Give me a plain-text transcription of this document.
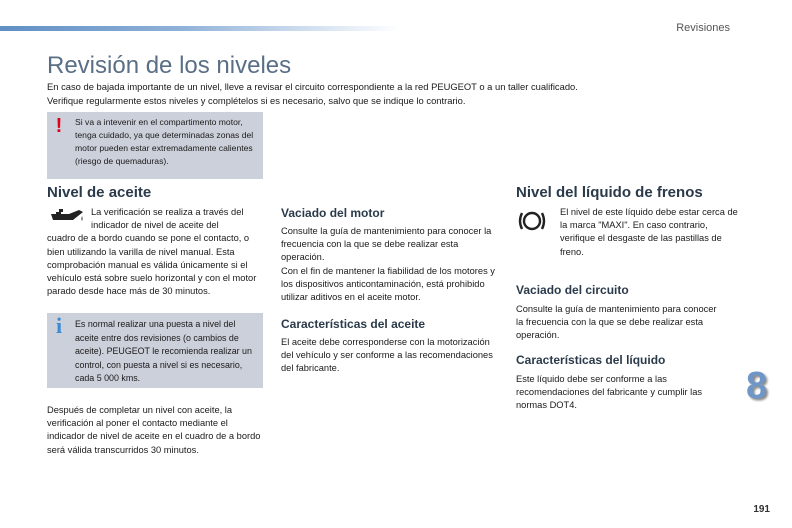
Revisiones
Revisión de los niveles

En caso de bajada importante de un nivel, lleve a revisar el circuito correspondiente a la red PEUGEOT o a un taller cualificado.

Verifique regularmente estos niveles y complételos si es necesario, salvo que se indique lo contrario.

!	Si va a intevenir en el compartimento motor, tenga cuidado, ya que determinadas zonas del motor pueden estar extremadamente calientes (riesgo de quemaduras).

Nivel de aceite

La verificación se realiza a través del indicador de nivel de aceite del
cuadro de a bordo cuando se pone el contacto, o bien utilizando la varilla de nivel manual. Esta comprobación manual es válida únicamente si el vehículo está sobre suelo horizontal y con el motor parado desde hace más de 30 minutos.

i	Es normal realizar una puesta a nivel del aceite entre dos revisiones (o cambios de aceite). PEUGEOT le recomienda realizar un control, con puesta a nivel si es necesario, cada 5 000 kms.

Después de completar un nivel con aceite, la verificación al poner el contacto mediante el indicador de nivel de aceite en el cuadro de a bordo será válida transcurridos 30 minutos.

Vaciado del motor

Consulte la guía de mantenimiento para conocer la frecuencia con la que se debe realizar esta operación.

Con el fin de mantener la fiabilidad de los motores y los dispositivos anticontaminación, está prohibido utilizar aditivos en el aceite motor.

Características del aceite

El aceite debe corresponderse con la motorización del vehículo y ser conforme a las recomendaciones del fabricante.

Nivel del líquido de frenos

El nivel de este líquido debe estar cerca de la marca "MAXI". En caso contrario, verifique el desgaste de las pastillas de freno.

Vaciado del circuito

Consulte la guía de mantenimiento para conocer la frecuencia con la que se debe realizar esta operación.

Características del líquido

Este líquido debe ser conforme a las recomendaciones del fabricante y cumplir las normas DOT4.	8
191
